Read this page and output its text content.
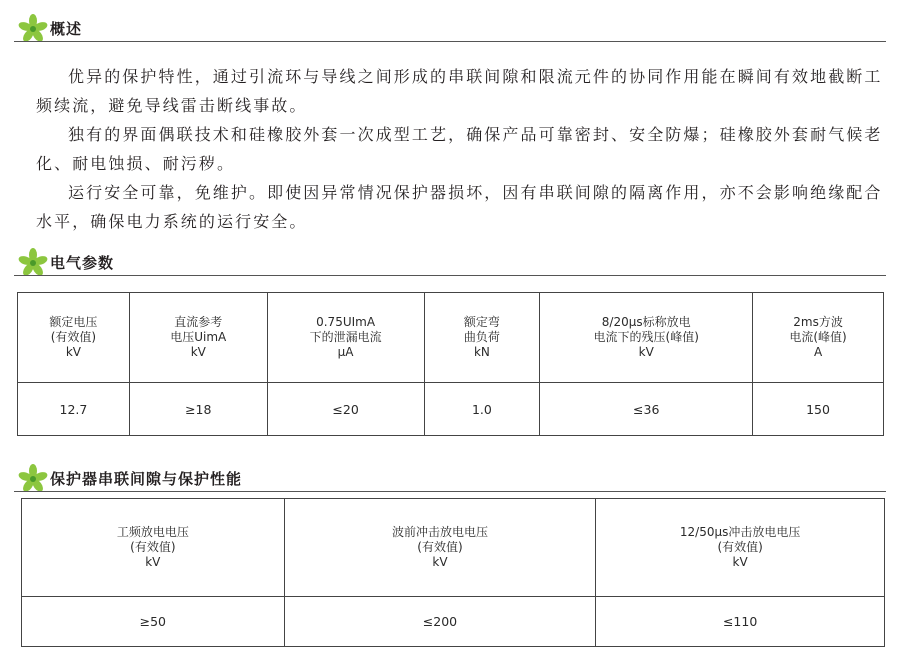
概述

优异的保护特性，通过引流环与导线之间形成的串联间隙和限流元件的协同作用能在瞬间有效地截断工频续流，避免导线雷击断线事故。

独有的界面偶联技术和硅橡胶外套一次成型工艺，确保产品可靠密封、安全防爆；硅橡胶外套耐气候老化、耐电蚀损、耐污秽。

运行安全可靠，免维护。即使因异常情况保护器损坏，因有串联间隙的隔离作用，亦不会影响绝缘配合水平，确保电力系统的运行安全。

电气参数
额定电压
(有效值)
kV	直流参考
电压UimA
kV	0.75UImA
下的泄漏电流
μA	额定弯
曲负荷
kN	8/20μs标称放电
电流下的残压(峰值)
kV	2ms方波
电流(峰值)
A

12.7	≥18	≤20	1.0	≤36	150
保护器串联间隙与保护性能
工频放电电压
(有效值)
kV	波前冲击放电电压
(有效值)
kV	12/50μs冲击放电电压
(有效值)
kV

≥50	≤200	≤110
